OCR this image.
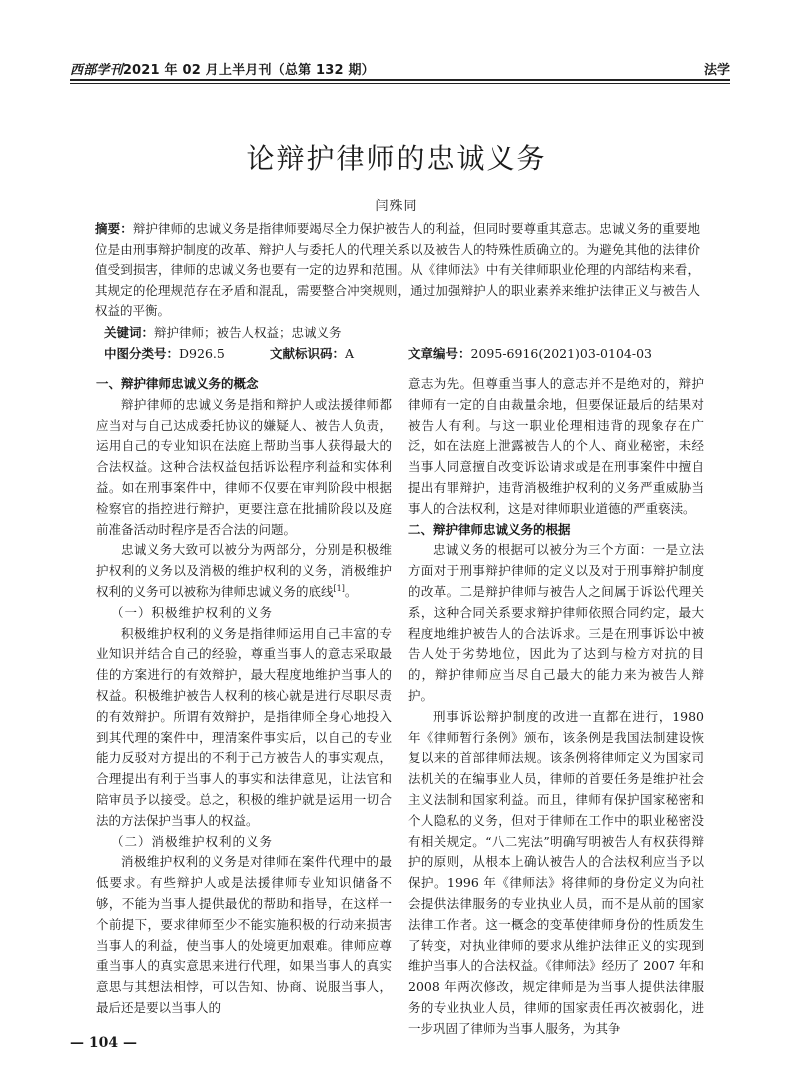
西部学刊2021 年 02 月上半月刊（总第 132 期）	法学
论辩护律师的忠诚义务
闫殊同
摘要：辩护律师的忠诚义务是指律师要竭尽全力保护被告人的利益，但同时要尊重其意志。忠诚义务的重要地位是由刑事辩护制度的改革、辩护人与委托人的代理关系以及被告人的特殊性质确立的。为避免其他的法律价值受到损害，律师的忠诚义务也要有一定的边界和范围。从《律师法》中有关律师职业伦理的内部结构来看，其规定的伦理规范存在矛盾和混乱，需要整合冲突规则，通过加强辩护人的职业素养来维护法律正义与被告人权益的平衡。
关键词：辩护律师；被告人权益；忠诚义务
中图分类号：D926.5	文献标识码：A	文章编号：2095-6916(2021)03-0104-03
一、辩护律师忠诚义务的概念

辩护律师的忠诚义务是指和辩护人或法援律师都应当对与自己达成委托协议的嫌疑人、被告人负责，运用自己的专业知识在法庭上帮助当事人获得最大的合法权益。这种合法权益包括诉讼程序利益和实体利益。如在刑事案件中，律师不仅要在审判阶段中根据检察官的指控进行辩护，更要注意在批捕阶段以及庭前准备活动时程序是否合法的问题。

忠诚义务大致可以被分为两部分，分别是积极维护权利的义务以及消极的维护权利的义务，消极维护权利的义务可以被称为律师忠诚义务的底线[1]。

（一）积极维护权利的义务

积极维护权利的义务是指律师运用自己丰富的专业知识并结合自己的经验，尊重当事人的意志采取最佳的方案进行的有效辩护，最大程度地维护当事人的权益。积极维护被告人权利的核心就是进行尽职尽责的有效辩护。所谓有效辩护，是指律师全身心地投入到其代理的案件中，理清案件事实后，以自己的专业能力反驳对方提出的不利于己方被告人的事实观点，合理提出有利于当事人的事实和法律意见，让法官和陪审员予以接受。总之，积极的维护就是运用一切合法的方法保护当事人的权益。

（二）消极维护权利的义务

消极维护权利的义务是对律师在案件代理中的最低要求。有些辩护人或是法援律师专业知识储备不够，不能为当事人提供最优的帮助和指导，在这样一个前提下，要求律师至少不能实施积极的行动来损害当事人的利益，使当事人的处境更加艰难。律师应尊重当事人的真实意思来进行代理，如果当事人的真实意思与其想法相悖，可以告知、协商、说服当事人，最后还是要以当事人的

意志为先。但尊重当事人的意志并不是绝对的，辩护律师有一定的自由裁量余地，但要保证最后的结果对被告人有利。与这一职业伦理相违背的现象存在广泛，如在法庭上泄露被告人的个人、商业秘密，未经当事人同意擅自改变诉讼请求或是在刑事案件中擅自提出有罪辩护，违背消极维护权利的义务严重威胁当事人的合法权利，这是对律师职业道德的严重亵渎。

二、辩护律师忠诚义务的根据

忠诚义务的根据可以被分为三个方面：一是立法方面对于刑事辩护律师的定义以及对于刑事辩护制度的改革。二是辩护律师与被告人之间属于诉讼代理关系，这种合同关系要求辩护律师依照合同约定，最大程度地维护被告人的合法诉求。三是在刑事诉讼中被告人处于劣势地位，因此为了达到与检方对抗的目的，辩护律师应当尽自己最大的能力来为被告人辩护。

刑事诉讼辩护制度的改进一直都在进行，1980 年《律师暂行条例》颁布，该条例是我国法制建设恢复以来的首部律师法规。该条例将律师定义为国家司法机关的在编事业人员，律师的首要任务是维护社会主义法制和国家利益。而且，律师有保护国家秘密和个人隐私的义务，但对于律师在工作中的职业秘密没有相关规定。“八二宪法”明确写明被告人有权获得辩护的原则，从根本上确认被告人的合法权利应当予以保护。1996 年《律师法》将律师的身份定义为向社会提供法律服务的专业执业人员，而不是从前的国家法律工作者。这一概念的变革使律师身份的性质发生了转变，对执业律师的要求从维护法律正义的实现到维护当事人的合法权益。《律师法》经历了 2007 年和 2008 年两次修改，规定律师是为当事人提供法律服务的专业执业人员，律师的国家责任再次被弱化，进一步巩固了律师为当事人服务，为其争

— 104 —
